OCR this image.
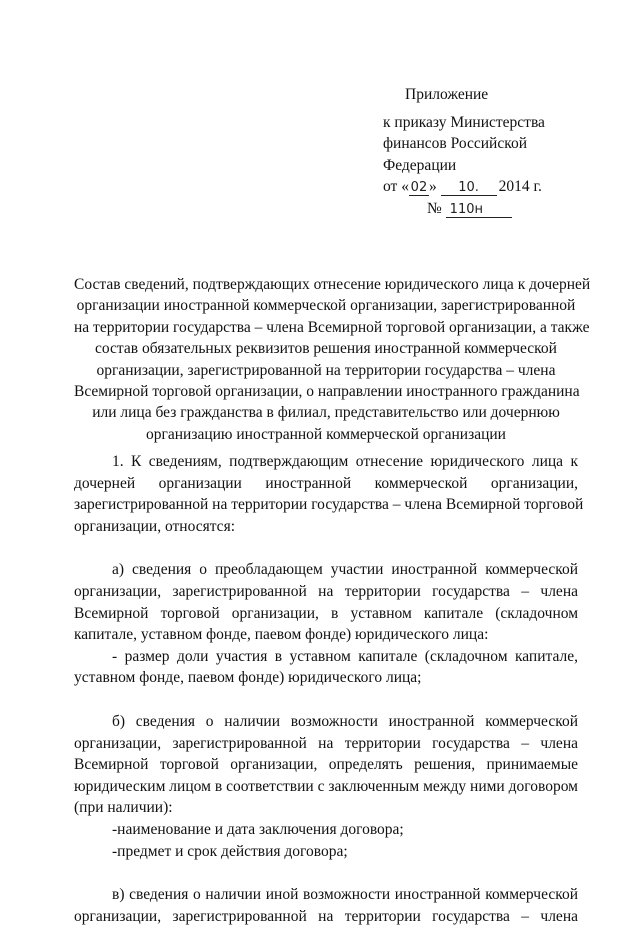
Приложение
к приказу Министерства
финансов Российской
Федерации
от « 02 » 10. 2014 г.
№ 110н
Состав сведений, подтверждающих отнесение юридического лица к дочерней
организации иностранной коммерческой организации, зарегистрированной
на территории государства – члена Всемирной торговой организации, а также
состав обязательных реквизитов решения иностранной коммерческой
организации, зарегистрированной на территории государства – члена
Всемирной торговой организации, о направлении иностранного гражданина
или лица без гражданства в филиал, представительство или дочернюю
организацию иностранной коммерческой организации
1. К сведениям, подтверждающим отнесение юридического лица к
дочерней организации иностранной коммерческой организации,
зарегистрированной на территории государства – члена Всемирной торговой
организации, относятся:
а) сведения о преобладающем участии иностранной коммерческой
организации, зарегистрированной на территории государства – члена
Всемирной торговой организации, в уставном капитале (складочном
капитале, уставном фонде, паевом фонде) юридического лица:
- размер доли участия в уставном капитале (складочном капитале,
уставном фонде, паевом фонде) юридического лица;
б) сведения о наличии возможности иностранной коммерческой
организации, зарегистрированной на территории государства – члена
Всемирной торговой организации, определять решения, принимаемые
юридическим лицом в соответствии с заключенным между ними договором
(при наличии):
-наименование и дата заключения договора;
-предмет и срок действия договора;
в) сведения о наличии иной возможности иностранной коммерческой
организации, зарегистрированной на территории государства – члена
